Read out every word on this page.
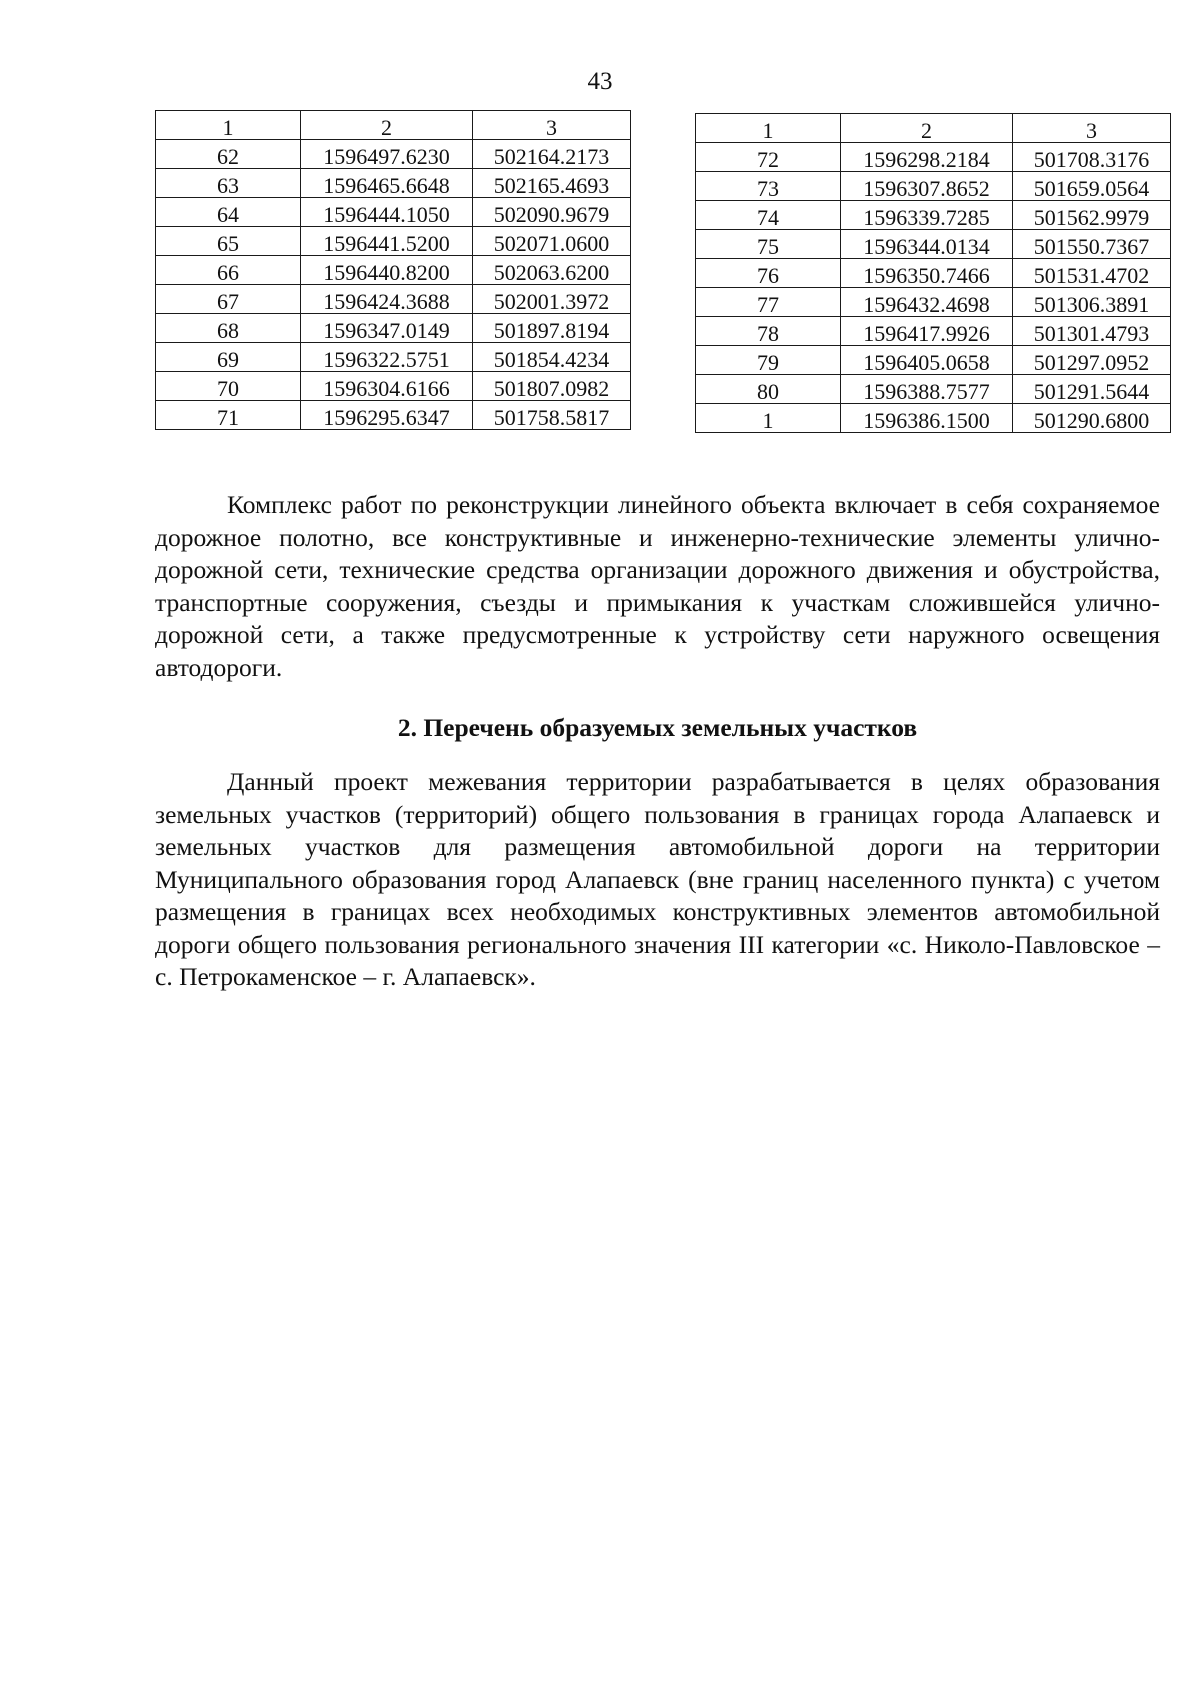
43
1	2	3
62	1596497.6230	502164.2173
63	1596465.6648	502165.4693
64	1596444.1050	502090.9679
65	1596441.5200	502071.0600
66	1596440.8200	502063.6200
67	1596424.3688	502001.3972
68	1596347.0149	501897.8194
69	1596322.5751	501854.4234
70	1596304.6166	501807.0982
71	1596295.6347	501758.5817
1	2	3
72	1596298.2184	501708.3176
73	1596307.8652	501659.0564
74	1596339.7285	501562.9979
75	1596344.0134	501550.7367
76	1596350.7466	501531.4702
77	1596432.4698	501306.3891
78	1596417.9926	501301.4793
79	1596405.0658	501297.0952
80	1596388.7577	501291.5644
1	1596386.1500	501290.6800

Комплекс работ по реконструкции линейного объекта включает в себя сохраняемое дорожное полотно, все конструктивные и инженерно-технические элементы улично-дорожной сети, технические средства организации дорожного движения и обустройства, транспортные сооружения, съезды и примыкания к участкам сложившейся улично-дорожной сети, а также предусмотренные к устройству сети наружного освещения автодороги.

2. Перечень образуемых земельных участков

Данный проект межевания территории разрабатывается в целях образования земельных участков (территорий) общего пользования в границах города Алапаевск и земельных участков для размещения автомобильной дороги на территории Муниципального образования город Алапаевск (вне границ населенного пункта) с учетом размещения в границах всех необходимых конструктивных элементов автомобильной дороги общего пользования регионального значения III категории «с. Николо-Павловское – с. Петрокаменское – г. Алапаевск».
